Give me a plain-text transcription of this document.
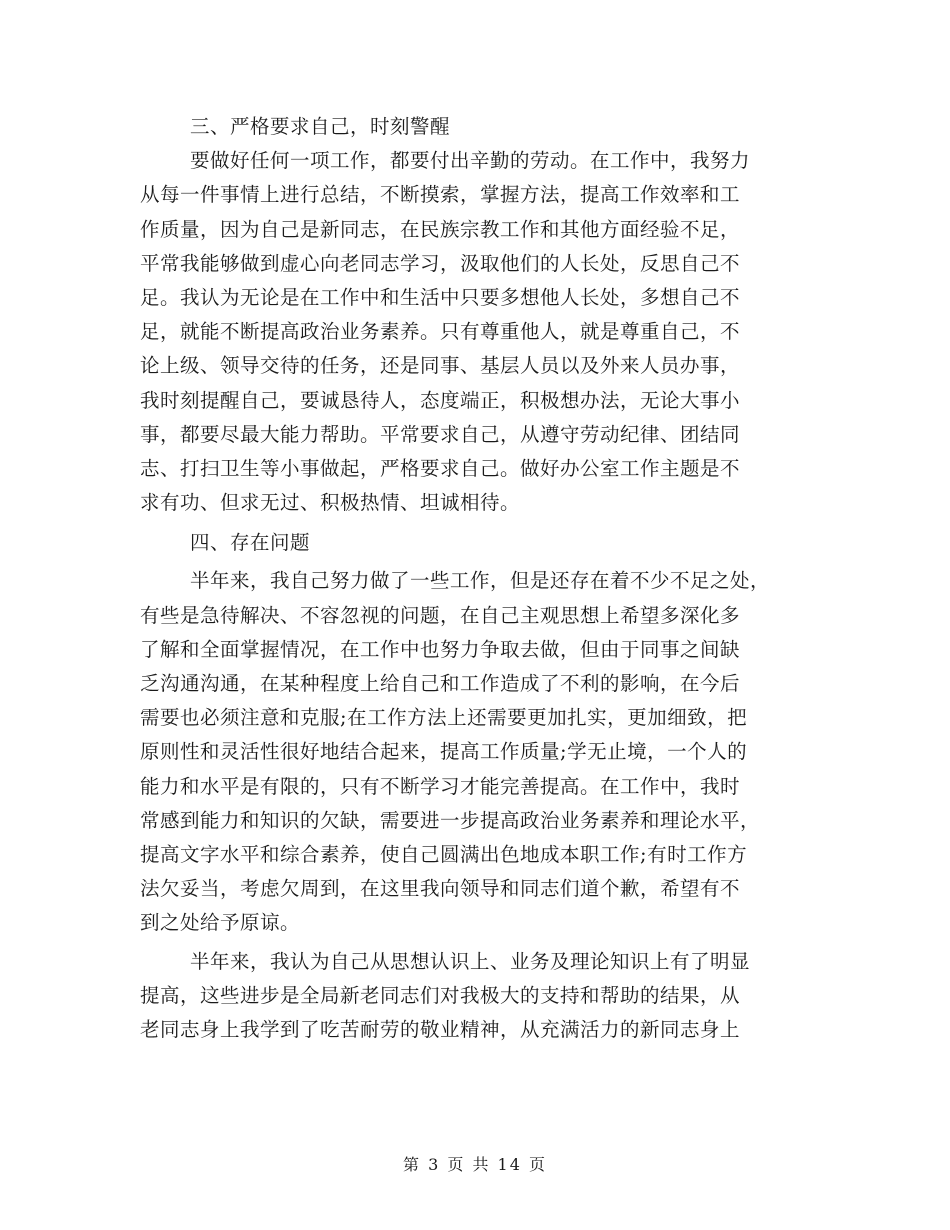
三、严格要求自己，时刻警醒
要做好任何一项工作，都要付出辛勤的劳动。在工作中，我努力
从每一件事情上进行总结，不断摸索，掌握方法，提高工作效率和工
作质量，因为自己是新同志，在民族宗教工作和其他方面经验不足，
平常我能够做到虚心向老同志学习，汲取他们的人长处，反思自己不
足。我认为无论是在工作中和生活中只要多想他人长处，多想自己不
足，就能不断提高政治业务素养。只有尊重他人，就是尊重自己，不
论上级、领导交待的任务，还是同事、基层人员以及外来人员办事，
我时刻提醒自己，要诚恳待人，态度端正，积极想办法，无论大事小
事，都要尽最大能力帮助。平常要求自己，从遵守劳动纪律、团结同
志、打扫卫生等小事做起，严格要求自己。做好办公室工作主题是不
求有功、但求无过、积极热情、坦诚相待。
四、存在问题
半年来，我自己努力做了一些工作，但是还存在着不少不足之处，
有些是急待解决、不容忽视的问题，在自己主观思想上希望多深化多
了解和全面掌握情况，在工作中也努力争取去做，但由于同事之间缺
乏沟通沟通，在某种程度上给自己和工作造成了不利的影响，在今后
需要也必须注意和克服;在工作方法上还需要更加扎实，更加细致，把
原则性和灵活性很好地结合起来，提高工作质量;学无止境，一个人的
能力和水平是有限的，只有不断学习才能完善提高。在工作中，我时
常感到能力和知识的欠缺，需要进一步提高政治业务素养和理论水平，
提高文字水平和综合素养，使自己圆满出色地成本职工作;有时工作方
法欠妥当，考虑欠周到，在这里我向领导和同志们道个歉，希望有不
到之处给予原谅。
半年来，我认为自己从思想认识上、业务及理论知识上有了明显
提高，这些进步是全局新老同志们对我极大的支持和帮助的结果，从
老同志身上我学到了吃苦耐劳的敬业精神，从充满活力的新同志身上
第 3 页 共 14 页
